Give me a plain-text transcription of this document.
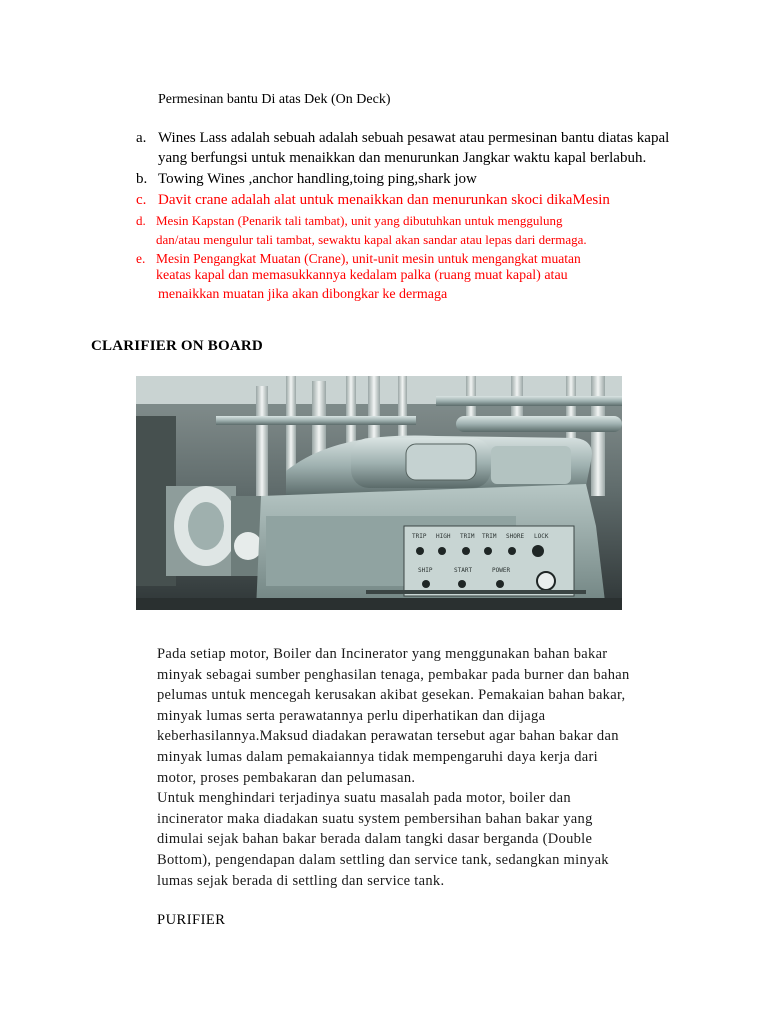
Permesinan bantu Di atas Dek (On Deck)
a. Wines Lass adalah sebuah adalah sebuah pesawat atau permesinan bantu diatas kapal
yang berfungsi untuk menaikkan dan menurunkan Jangkar waktu kapal berlabuh.
b. Towing Wines ,anchor handling,toing ping,shark jow
c. Davit crane adalah alat untuk menaikkan dan menurunkan skoci dikaMesin
d. Mesin Kapstan (Penarik tali tambat), unit yang dibutuhkan untuk menggulung
dan/atau mengulur tali tambat, sewaktu kapal akan sandar atau lepas dari dermaga.
e. Mesin Pengangkat Muatan (Crane), unit-unit mesin untuk mengangkat muatan
keatas kapal dan memasukkannya kedalam palka (ruang muat kapal) atau
menaikkan muatan jika akan dibongkar ke dermaga
CLARIFIER ON BOARD
TRIP HIGH TRIM TRIM SHORE LOCK
SHIP	START	POWER
Pada setiap motor, Boiler dan Incinerator yang menggunakan bahan bakar
minyak sebagai sumber penghasilan tenaga, pembakar pada burner dan bahan
pelumas untuk mencegah kerusakan akibat gesekan. Pemakaian bahan bakar,
minyak lumas serta perawatannya perlu diperhatikan dan dijaga
keberhasilannya.Maksud diadakan perawatan tersebut agar bahan bakar dan
minyak lumas dalam pemakaiannya tidak mempengaruhi daya kerja dari
motor, proses pembakaran dan pelumasan.
Untuk menghindari terjadinya suatu masalah pada motor, boiler dan
incinerator maka diadakan suatu system pembersihan bahan bakar yang
dimulai sejak bahan bakar berada dalam tangki dasar berganda (Double
Bottom), pengendapan dalam settling dan service tank, sedangkan minyak
lumas sejak berada di settling dan service tank.
PURIFIER
